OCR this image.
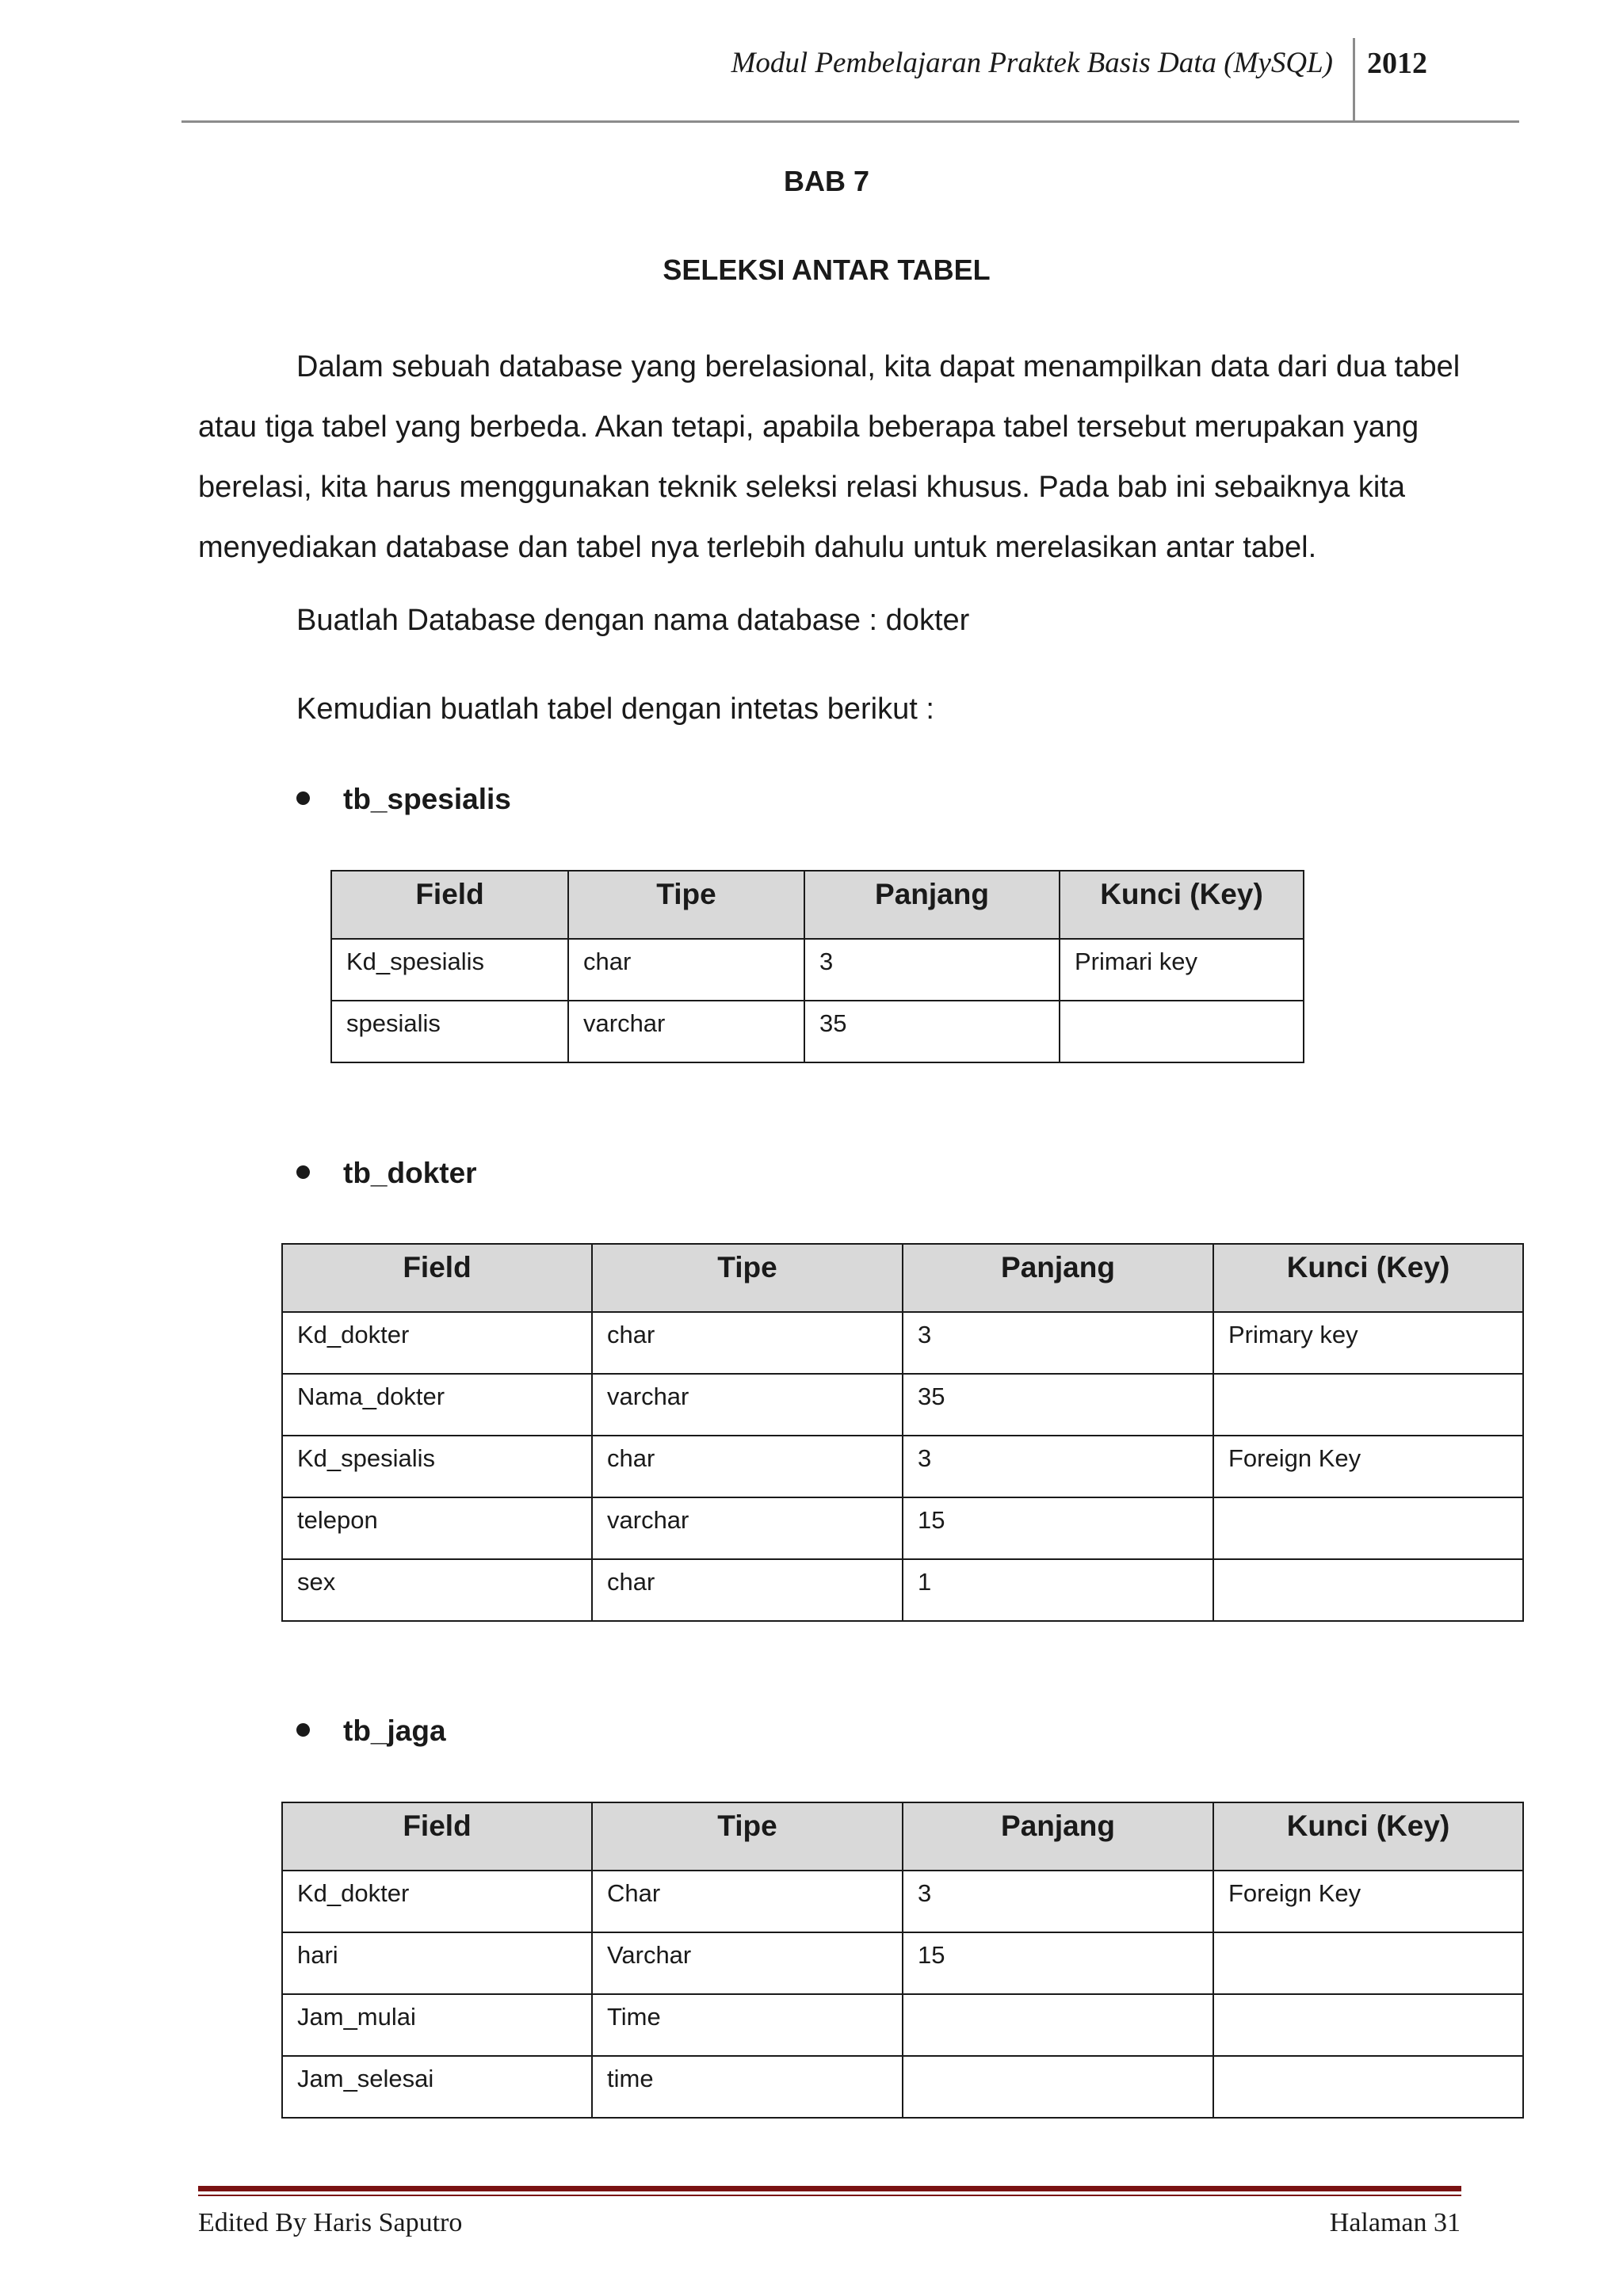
Modul Pembelajaran Praktek Basis Data (MySQL) 2012
BAB 7
SELEKSI ANTAR TABEL
Dalam sebuah database yang berelasional, kita dapat menampilkan data dari dua tabel atau tiga tabel yang berbeda. Akan tetapi, apabila beberapa tabel tersebut merupakan yang berelasi, kita harus menggunakan teknik seleksi relasi khusus. Pada bab ini sebaiknya kita menyediakan database dan tabel nya terlebih dahulu untuk merelasikan antar tabel.
Buatlah Database dengan nama database : dokter
Kemudian buatlah tabel dengan intetas berikut :
tb_spesialis
Field	Tipe	Panjang	Kunci (Key)
Kd_spesialis	char	3	Primari key
spesialis	varchar	35	
tb_dokter
Field	Tipe	Panjang	Kunci (Key)
Kd_dokter	char	3	Primary key
Nama_dokter	varchar	35	
Kd_spesialis	char	3	Foreign Key
telepon	varchar	15	
sex	char	1	
tb_jaga
Field	Tipe	Panjang	Kunci (Key)
Kd_dokter	Char	3	Foreign Key
hari	Varchar	15	
Jam_mulai	Time		
Jam_selesai	time		
Edited By Haris Saputro	Halaman 31
